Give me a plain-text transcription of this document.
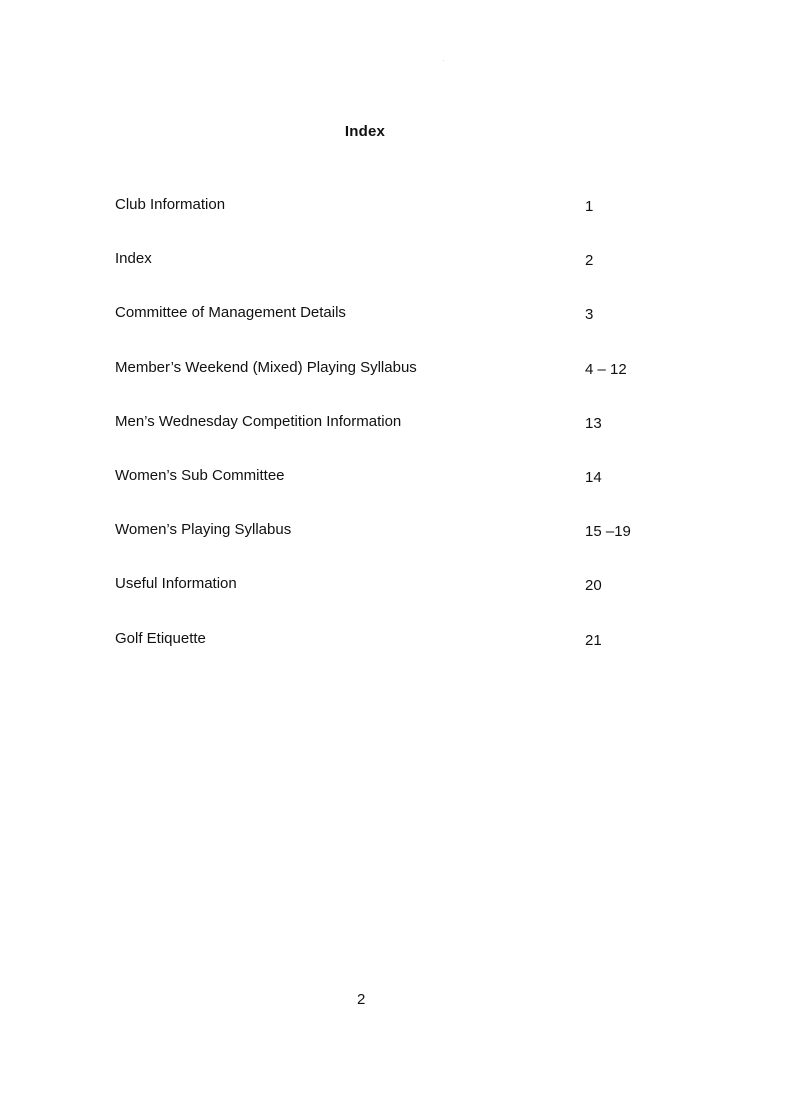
Index
Club Information	1
Index	2
Committee of Management Details	3
Member’s Weekend (Mixed) Playing Syllabus	4 – 12
Men’s Wednesday Competition Information	13
Women’s Sub Committee	14
Women’s Playing Syllabus	15 –19
Useful Information	20
Golf Etiquette	21
2
